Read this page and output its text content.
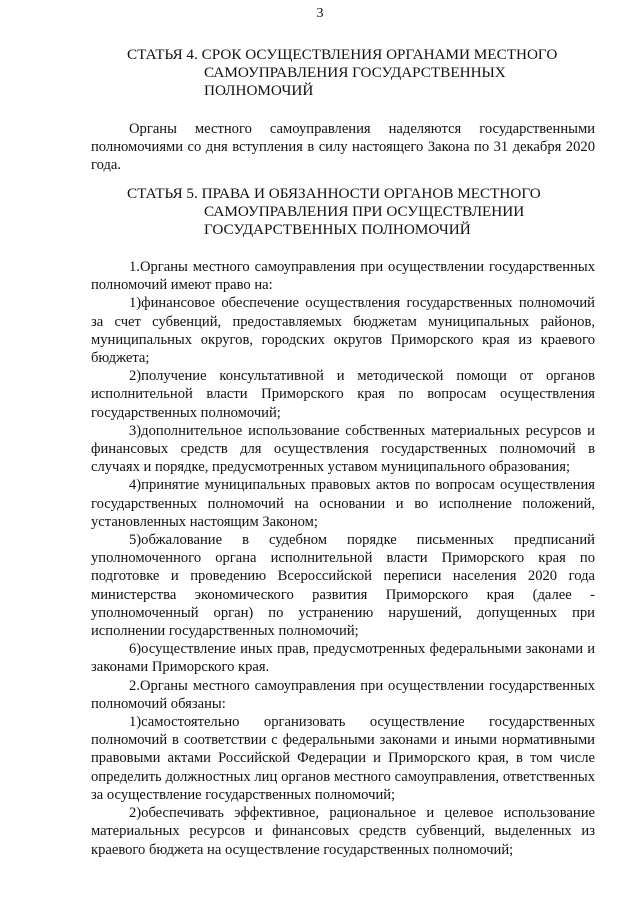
3
СТАТЬЯ 4. СРОК ОСУЩЕСТВЛЕНИЯ ОРГАНАМИ МЕСТНОГО
САМОУПРАВЛЕНИЯ ГОСУДАРСТВЕННЫХ
ПОЛНОМОЧИЙ

Органы местного самоуправления наделяются государственными полномочиями со дня вступления в силу настоящего Закона по 31 декабря 2020 года.

СТАТЬЯ 5. ПРАВА И ОБЯЗАННОСТИ ОРГАНОВ МЕСТНОГО
САМОУПРАВЛЕНИЯ ПРИ ОСУЩЕСТВЛЕНИИ
ГОСУДАРСТВЕННЫХ ПОЛНОМОЧИЙ

1.Органы местного самоуправления при осуществлении государственных полномочий имеют право на:

1)финансовое обеспечение осуществления государственных полномочий за счет субвенций, предоставляемых бюджетам муниципальных районов, муниципальных округов, городских округов Приморского края из краевого бюджета;

2)получение консультативной и методической помощи от органов исполнительной власти Приморского края по вопросам осуществления государственных полномочий;

3)дополнительное использование собственных материальных ресурсов и финансовых средств для осуществления государственных полномочий в случаях и порядке, предусмотренных уставом муниципального образования;

4)принятие муниципальных правовых актов по вопросам осуществления государственных полномочий на основании и во исполнение положений, установленных настоящим Законом;

5)обжалование в судебном порядке письменных предписаний уполномоченного органа исполнительной власти Приморского края по подготовке и проведению Всероссийской переписи населения 2020 года министерства экономического развития Приморского края (далее - уполномоченный орган) по устранению нарушений, допущенных при исполнении государственных полномочий;

6)осуществление иных прав, предусмотренных федеральными законами и законами Приморского края.

2.Органы местного самоуправления при осуществлении государственных полномочий обязаны:

1)самостоятельно организовать осуществление государственных полномочий в соответствии с федеральными законами и иными нормативными правовыми актами Российской Федерации и Приморского края, в том числе определить должностных лиц органов местного самоуправления, ответственных за осуществление государственных полномочий;

2)обеспечивать эффективное, рациональное и целевое использование материальных ресурсов и финансовых средств субвенций, выделенных из краевого бюджета на осуществление государственных полномочий;
